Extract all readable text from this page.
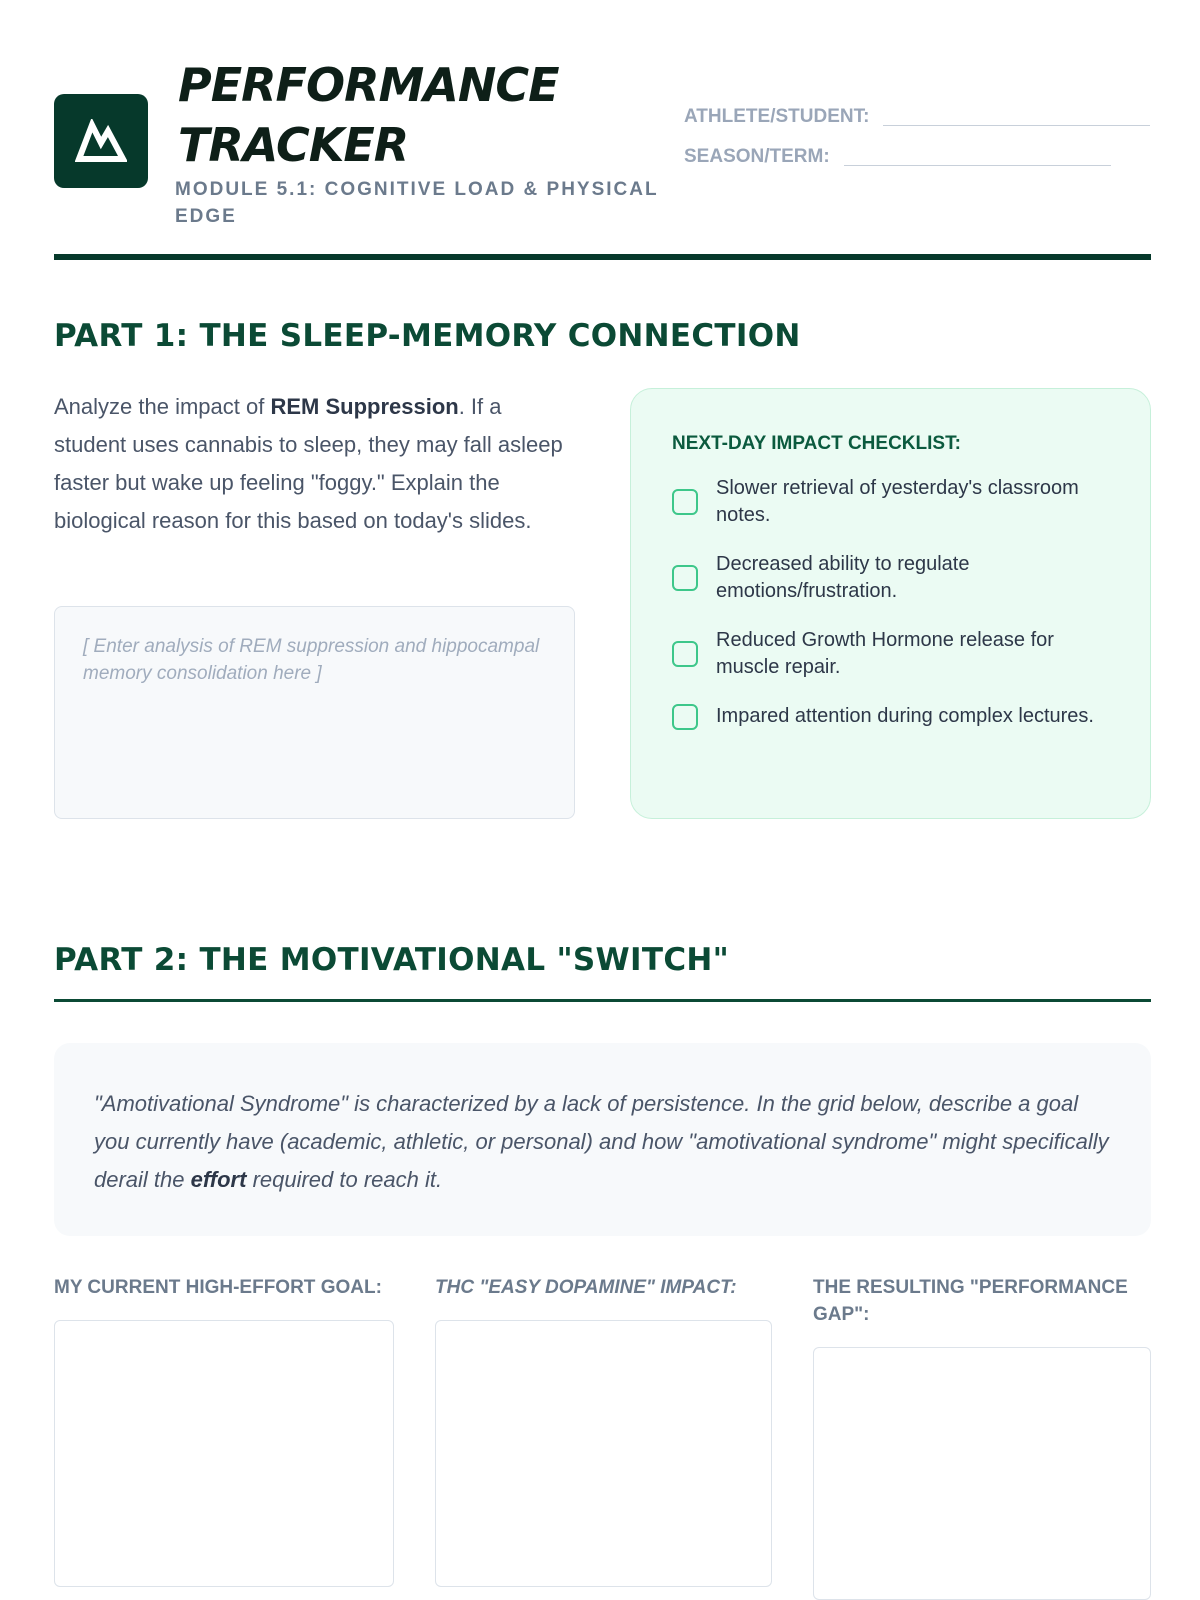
PERFORMANCE
TRACKER
MODULE 5.1: COGNITIVE LOAD & PHYSICAL EDGE
ATHLETE/STUDENT:
SEASON/TERM:
PART 1: THE SLEEP-MEMORY CONNECTION
Analyze the impact of REM Suppression. If a student uses cannabis to sleep, they may fall asleep faster but wake up feeling "foggy." Explain the biological reason for this based on today's slides.
[ Enter analysis of REM suppression and hippocampal memory consolidation here ]
NEXT-DAY IMPACT CHECKLIST:
Slower retrieval of yesterday's classroom notes.
Decreased ability to regulate emotions/frustration.
Reduced Growth Hormone release for muscle repair.
Impared attention during complex lectures.
PART 2: THE MOTIVATIONAL "SWITCH"
"Amotivational Syndrome" is characterized by a lack of persistence. In the grid below, describe a goal you currently have (academic, athletic, or personal) and how "amotivational syndrome" might specifically derail the effort required to reach it.
MY CURRENT HIGH-EFFORT GOAL:	THC "EASY DOPAMINE" IMPACT:	THE RESULTING "PERFORMANCE GAP":
